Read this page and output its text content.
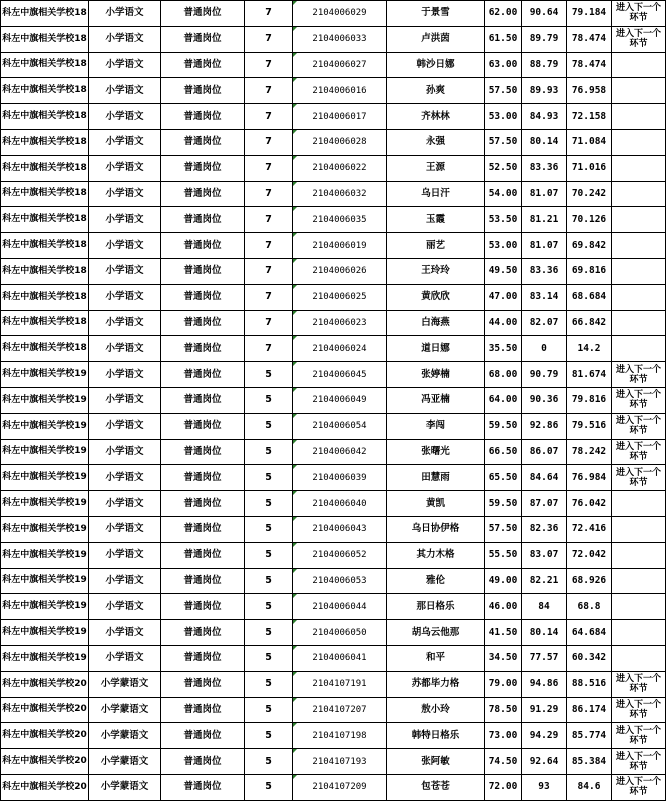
科左中旗相关学校18	小学语文	普通岗位	7	2104006029	于景雪	62.00	90.64	79.184	进入下一个环节
科左中旗相关学校18	小学语文	普通岗位	7	2104006033	卢洪茵	61.50	89.79	78.474	进入下一个环节
科左中旗相关学校18	小学语文	普通岗位	7	2104006027	韩沙日娜	63.00	88.79	78.474	
科左中旗相关学校18	小学语文	普通岗位	7	2104006016	孙爽	57.50	89.93	76.958	
科左中旗相关学校18	小学语文	普通岗位	7	2104006017	齐林林	53.00	84.93	72.158	
科左中旗相关学校18	小学语文	普通岗位	7	2104006028	永强	57.50	80.14	71.084	
科左中旗相关学校18	小学语文	普通岗位	7	2104006022	王源	52.50	83.36	71.016	
科左中旗相关学校18	小学语文	普通岗位	7	2104006032	乌日汗	54.00	81.07	70.242	
科左中旗相关学校18	小学语文	普通岗位	7	2104006035	玉霞	53.50	81.21	70.126	
科左中旗相关学校18	小学语文	普通岗位	7	2104006019	丽艺	53.00	81.07	69.842	
科左中旗相关学校18	小学语文	普通岗位	7	2104006026	王玲玲	49.50	83.36	69.816	
科左中旗相关学校18	小学语文	普通岗位	7	2104006025	黄欣欣	47.00	83.14	68.684	
科左中旗相关学校18	小学语文	普通岗位	7	2104006023	白海燕	44.00	82.07	66.842	
科左中旗相关学校18	小学语文	普通岗位	7	2104006024	道日娜	35.50	0	14.2	
科左中旗相关学校19	小学语文	普通岗位	5	2104006045	张婷楠	68.00	90.79	81.674	进入下一个环节
科左中旗相关学校19	小学语文	普通岗位	5	2104006049	冯亚楠	64.00	90.36	79.816	进入下一个环节
科左中旗相关学校19	小学语文	普通岗位	5	2104006054	李闯	59.50	92.86	79.516	进入下一个环节
科左中旗相关学校19	小学语文	普通岗位	5	2104006042	张曙光	66.50	86.07	78.242	进入下一个环节
科左中旗相关学校19	小学语文	普通岗位	5	2104006039	田慧雨	65.50	84.64	76.984	进入下一个环节
科左中旗相关学校19	小学语文	普通岗位	5	2104006040	黄凯	59.50	87.07	76.042	
科左中旗相关学校19	小学语文	普通岗位	5	2104006043	乌日协伊格	57.50	82.36	72.416	
科左中旗相关学校19	小学语文	普通岗位	5	2104006052	其力木格	55.50	83.07	72.042	
科左中旗相关学校19	小学语文	普通岗位	5	2104006053	雅伦	49.00	82.21	68.926	
科左中旗相关学校19	小学语文	普通岗位	5	2104006044	那日格乐	46.00	84	68.8	
科左中旗相关学校19	小学语文	普通岗位	5	2104006050	胡乌云他那	41.50	80.14	64.684	
科左中旗相关学校19	小学语文	普通岗位	5	2104006041	和平	34.50	77.57	60.342	
科左中旗相关学校20	小学蒙语文	普通岗位	5	2104107191	苏都毕力格	79.00	94.86	88.516	进入下一个环节
科左中旗相关学校20	小学蒙语文	普通岗位	5	2104107207	敖小玲	78.50	91.29	86.174	进入下一个环节
科左中旗相关学校20	小学蒙语文	普通岗位	5	2104107198	韩特日格乐	73.00	94.29	85.774	进入下一个环节
科左中旗相关学校20	小学蒙语文	普通岗位	5	2104107193	张阿敏	74.50	92.64	85.384	进入下一个环节
科左中旗相关学校20	小学蒙语文	普通岗位	5	2104107209	包苍苍	72.00	93	84.6	进入下一个环节
